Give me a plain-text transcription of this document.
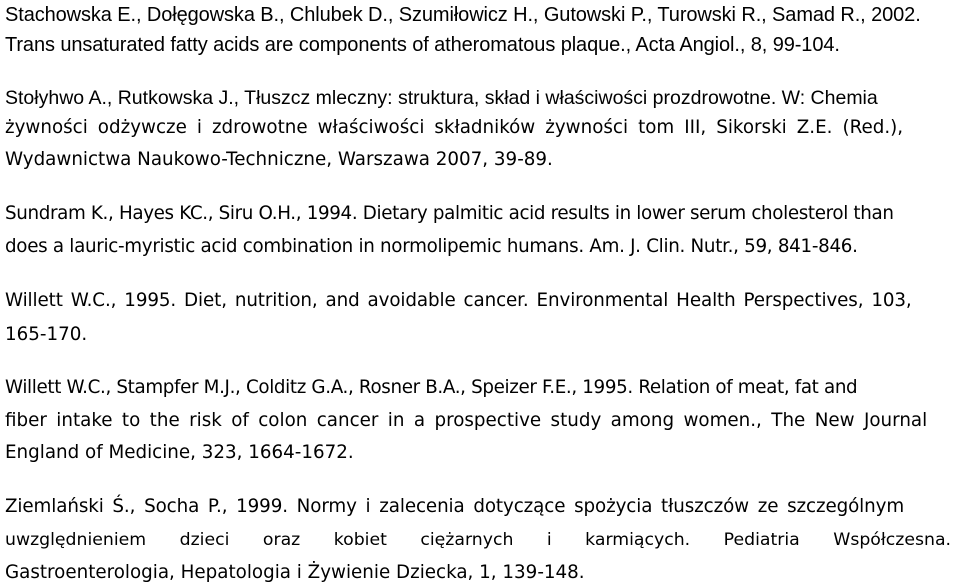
Stachowska E., Dołęgowska B., Chlubek D., Szumiłowicz H., Gutowski P., Turowski R., Samad R., 2002.
Trans unsaturated fatty acids are components of atheromatous plaque., Acta Angiol., 8, 99-104.
Stołyhwo A., Rutkowska J., Tłuszcz mleczny: struktura, skład i właściwości prozdrowotne. W: Chemia
żywności odżywcze i zdrowotne właściwości składników żywności tom III, Sikorski Z.E. (Red.),
Wydawnictwa Naukowo-Techniczne, Warszawa 2007, 39-89.
Sundram K., Hayes KC., Siru O.H., 1994. Dietary palmitic acid results in lower serum cholesterol than
does a lauric-myristic acid combination in normolipemic humans. Am. J. Clin. Nutr., 59, 841-846.
Willett W.C., 1995. Diet, nutrition, and avoidable cancer. Environmental Health Perspectives, 103,
165-170.
Willett W.C., Stampfer M.J., Colditz G.A., Rosner B.A., Speizer F.E., 1995. Relation of meat, fat and
fiber intake to the risk of colon cancer in a prospective study among women., The New Journal
England of Medicine, 323, 1664-1672.
Ziemlański Ś., Socha P., 1999. Normy i zalecenia dotyczące spożycia tłuszczów ze szczególnym
uwzględnieniem dzieci oraz kobiet ciężarnych i karmiących. Pediatria Współczesna.
Gastroenterologia, Hepatologia i Żywienie Dziecka, 1, 139-148.
